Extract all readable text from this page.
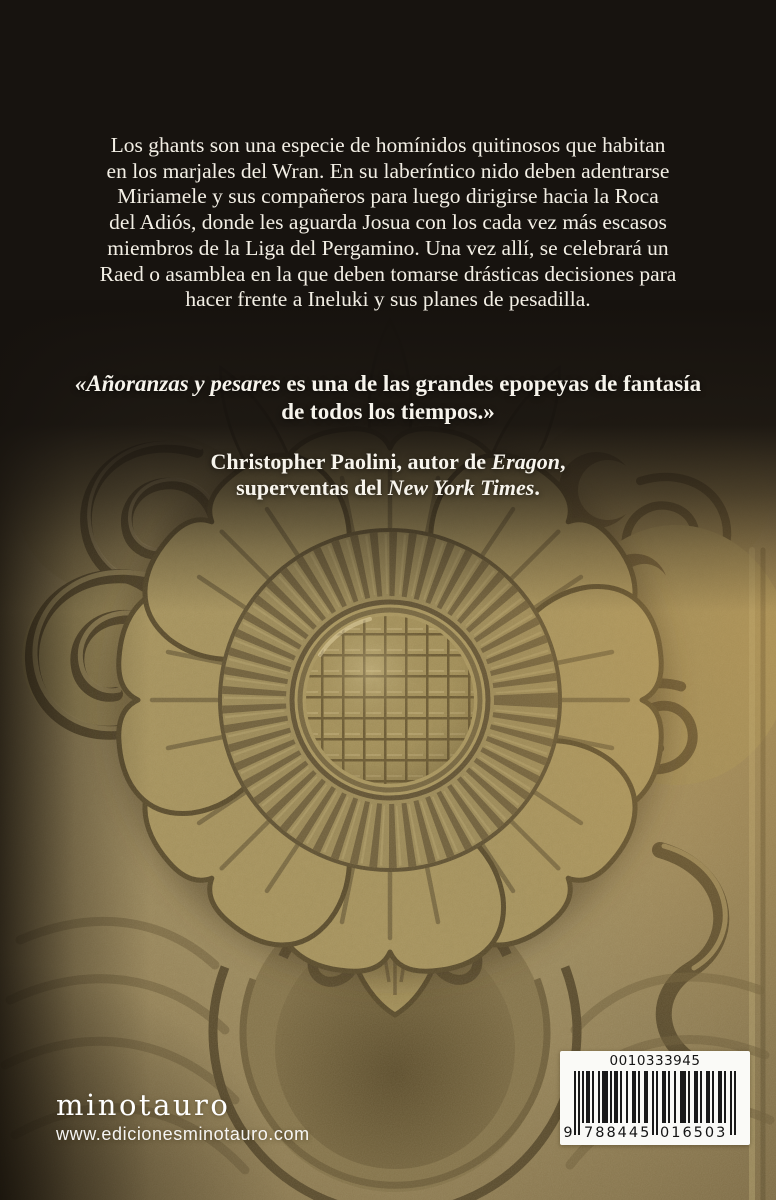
Los ghants son una especie de homínidos quitinosos que habitan
en los marjales del Wran. En su laberíntico nido deben adentrarse
Miriamele y sus compañeros para luego dirigirse hacia la Roca
del Adiós, donde les aguarda Josua con los cada vez más escasos
miembros de la Liga del Pergamino. Una vez allí, se celebrará un
Raed o asamblea en la que deben tomarse drásticas decisiones para
hacer frente a Ineluki y sus planes de pesadilla.
«Añoranzas y pesares es una de las grandes epopeyas de fantasía
de todos los tiempos.»
Christopher Paolini, autor de Eragon,
superventas del New York Times.
minotauro
www.edicionesminotauro.com
0010333945
9 788445 016503
